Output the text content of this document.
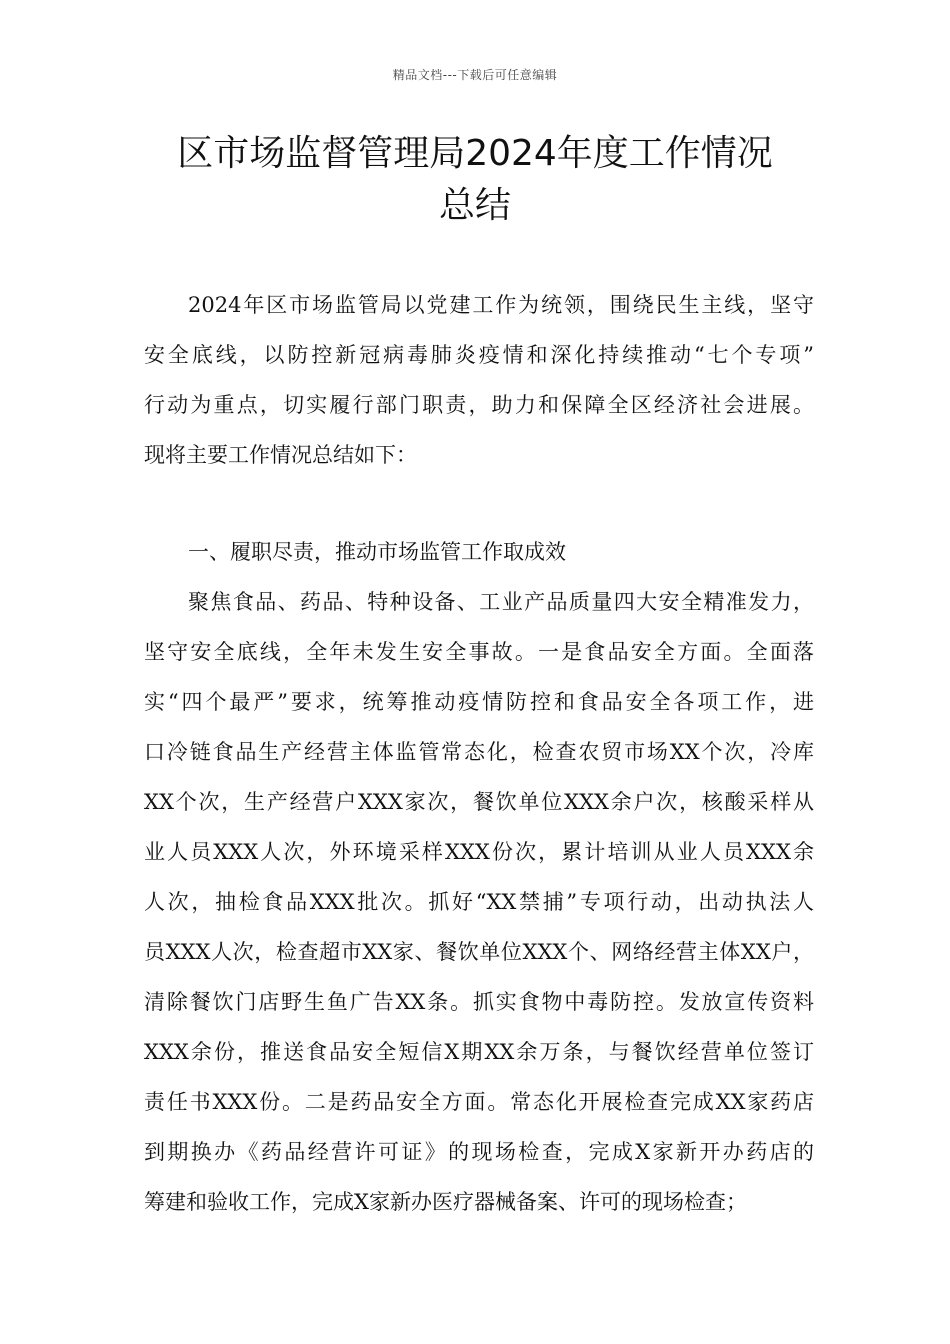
精品文档---下载后可任意编辑
区市场监督管理局2024年度工作情况
总结
2024年区市场监管局以党建工作为统领，围绕民生主线，坚守
安全底线，以防控新冠病毒肺炎疫情和深化持续推动“七个专项”
行动为重点，切实履行部门职责，助力和保障全区经济社会进展。
现将主要工作情况总结如下：
一、履职尽责，推动市场监管工作取成效
聚焦食品、药品、特种设备、工业产品质量四大安全精准发力，
坚守安全底线，全年未发生安全事故。一是食品安全方面。全面落
实“四个最严”要求，统筹推动疫情防控和食品安全各项工作，进
口冷链食品生产经营主体监管常态化，检查农贸市场XX个次，冷库
XX个次，生产经营户XXX家次，餐饮单位XXX余户次，核酸采样从
业人员XXX人次，外环境采样XXX份次，累计培训从业人员XXX余
人次，抽检食品XXX批次。抓好“XX禁捕”专项行动，出动执法人
员XXX人次，检查超市XX家、餐饮单位XXX个、网络经营主体XX户，
清除餐饮门店野生鱼广告XX条。抓实食物中毒防控。发放宣传资料
XXX余份，推送食品安全短信X期XX余万条，与餐饮经营单位签订
责任书XXX份。二是药品安全方面。常态化开展检查完成XX家药店
到期换办《药品经营许可证》的现场检查，完成X家新开办药店的
筹建和验收工作，完成X家新办医疗器械备案、许可的现场检查；
